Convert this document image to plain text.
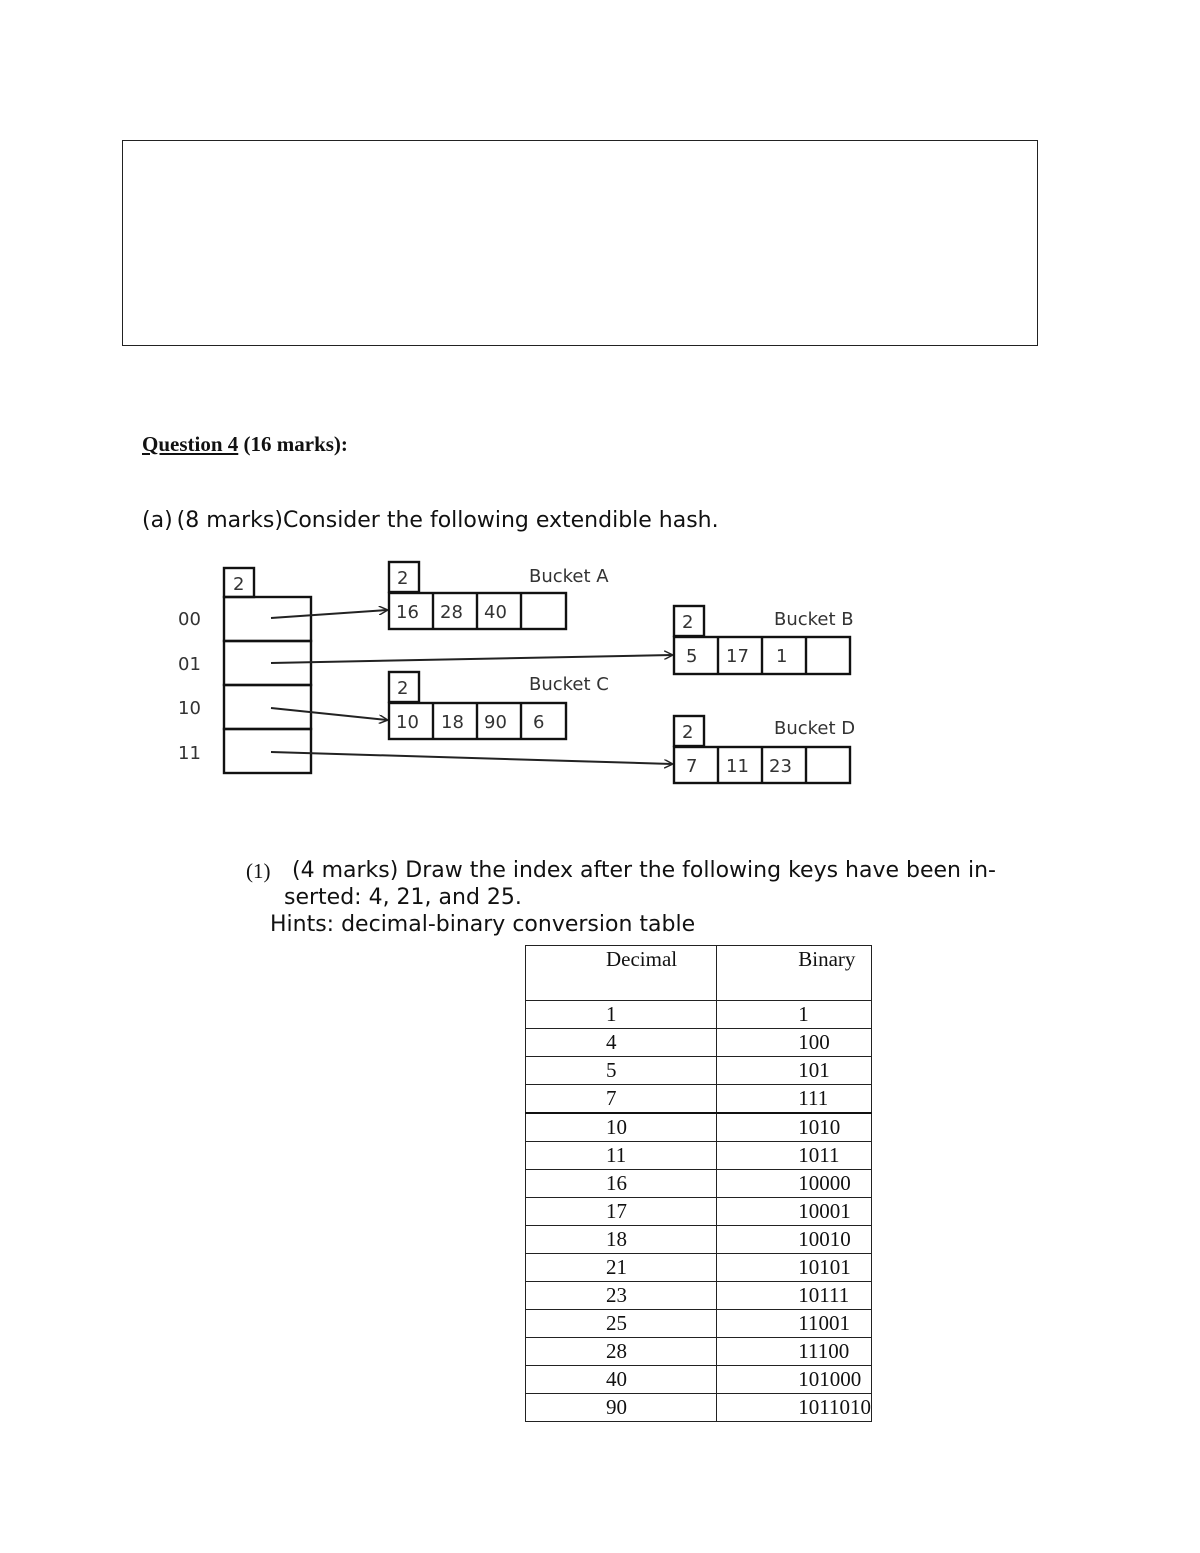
Question 4 (16 marks):
(a) (8 marks)Consider the following extendible hash.
2
00
01
10
11
2	Bucket A
16 28 40
2	Bucket C
10 18 90 6
2	Bucket B
5 17 1
2	Bucket D
7 11 23
(1) (4 marks) Draw the index after the following keys have been in-
serted: 4, 21, and 25.
Hints: decimal-binary conversion table
Decimal	Binary
1	1
4	100
5	101
7	111
10	1010
11	1011
16	10000
17	10001
18	10010
21	10101
23	10111
25	11001
28	11100
40	101000
90	1011010
